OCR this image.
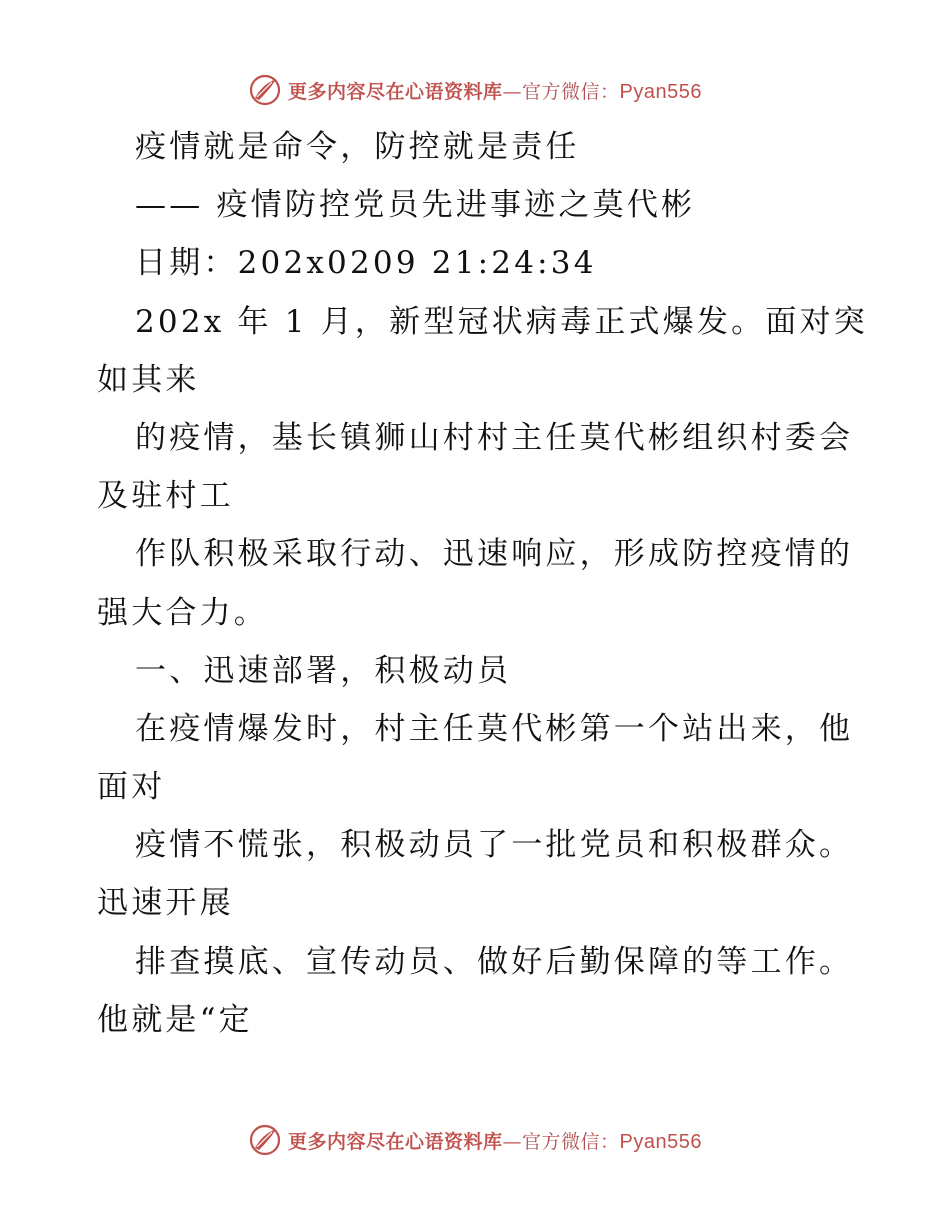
更多内容尽在心语资料库—官方微信：Pyan556
疫情就是命令，防控就是责任
—— 疫情防控党员先进事迹之莫代彬
日期：202x0209 21:24:34
202x 年 1 月，新型冠状病毒正式爆发。面对突
如其来
的疫情，基长镇狮山村村主任莫代彬组织村委会
及驻村工
作队积极采取行动、迅速响应，形成防控疫情的
强大合力。
一、迅速部署，积极动员
在疫情爆发时，村主任莫代彬第一个站出来，他
面对
疫情不慌张，积极动员了一批党员和积极群众。
迅速开展
排查摸底、宣传动员、做好后勤保障的等工作。
他就是“定
更多内容尽在心语资料库—官方微信：Pyan556
